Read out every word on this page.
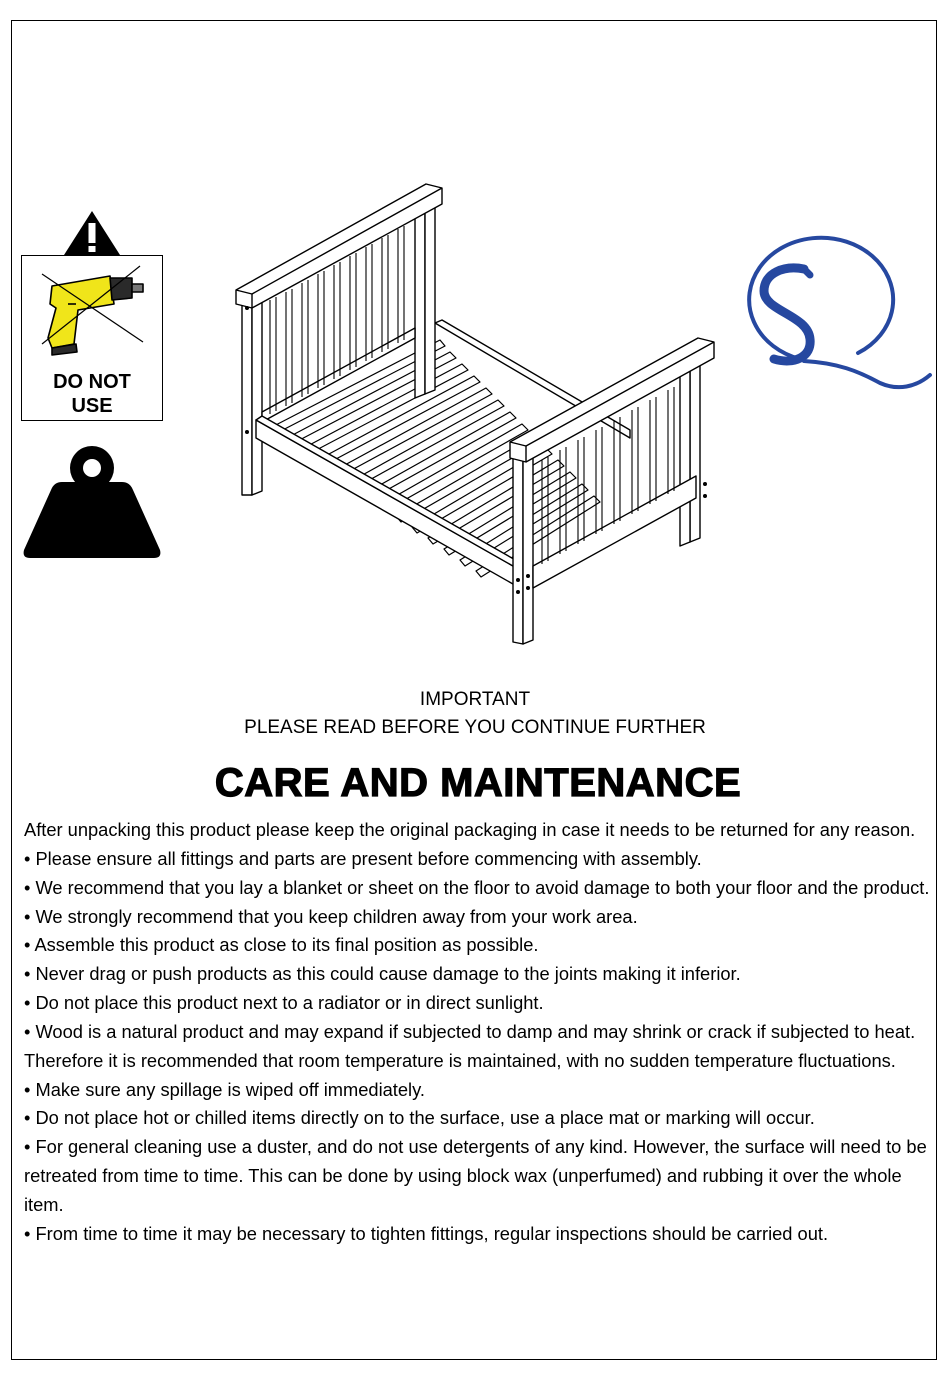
DO NOT
USE
IMPORTANT
PLEASE READ BEFORE YOU CONTINUE FURTHER
CARE AND MAINTENANCE

After unpacking this product please keep the original packaging in case it needs to be returned for any reason.

• Please ensure all fittings and parts are present before commencing with assembly.

• We recommend that you lay a blanket or sheet on the floor to avoid damage to both your floor and the product.

• We strongly recommend that you keep children away from your work area.

• Assemble this product as close to its final position as possible.

• Never drag or push products as this could cause damage to the joints making it inferior.

• Do not place this product next to a radiator or in direct sunlight.

• Wood is a natural product and may expand if subjected to damp and may shrink or crack if subjected to heat. Therefore it is recommended that room temperature is maintained, with no sudden temperature fluctuations.

• Make sure any spillage is wiped off immediately.

• Do not place hot or chilled items directly on to the surface, use a place mat or marking will occur.

• For general cleaning use a duster, and do not use detergents of any kind. However, the surface will need to be retreated from time to time. This can be done by using block wax (unperfumed) and rubbing it over the whole item.

• From time to time it may be necessary to tighten fittings, regular inspections should be carried out.
